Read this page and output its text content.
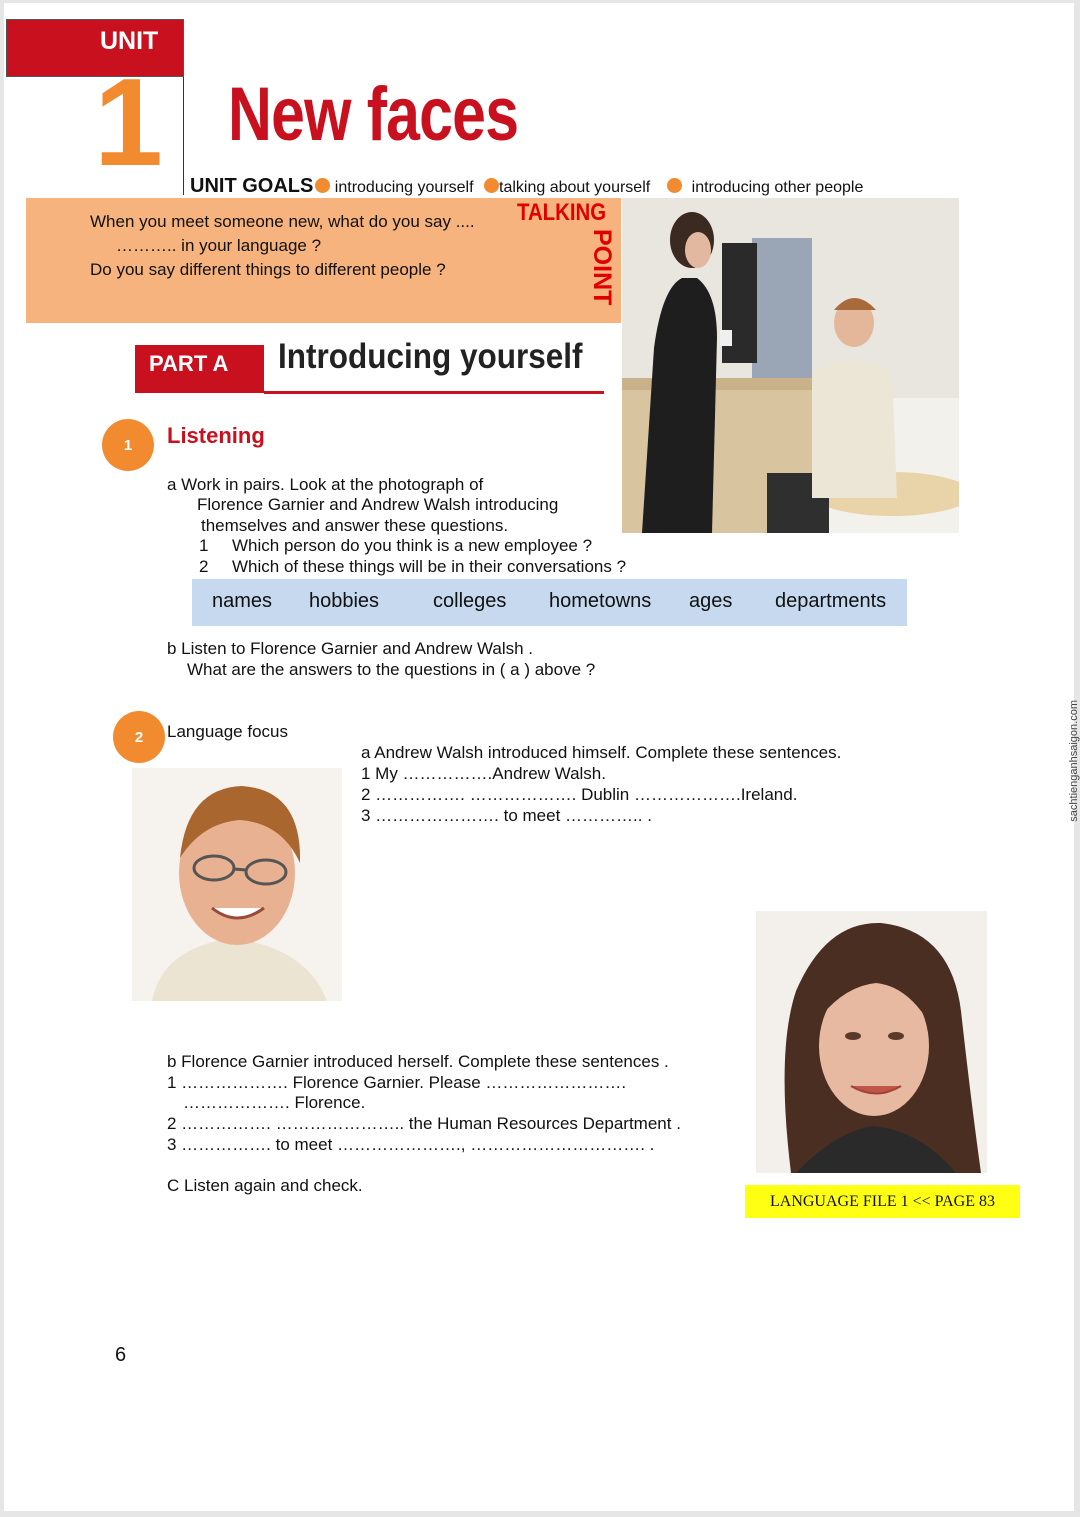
UNIT
1 New faces
UNIT GOALS introducing yourself talking about yourself	introducing other people
When you meet someone new, what do you say ....
……….. in your language ?
Do you say different things to different people ?
TALKING
POINT
PART A Introducing yourself
1	Listening
a Work in pairs. Look at the photograph of
Florence Garnier and Andrew Walsh introducing
themselves and answer these questions.
1 Which person do you think is a new employee ?
2 Which of these things will be in their conversations ?
names hobbies	colleges hometowns ages departments
b Listen to Florence Garnier and Andrew Walsh .
What are the answers to the questions in ( a ) above ?
2	Language focus
a Andrew Walsh introduced himself. Complete these sentences.
1 My …………….Andrew Walsh.
2 ……………. ………………. Dublin ……………….Ireland.
3 …………………. to meet ………….. .
b Florence Garnier introduced herself. Complete these sentences .
1 ………………. Florence Garnier. Please …………………….
………………. Florence.
2 ……………. ………………….. the Human Resources Department .
3 ……………. to meet …………………., …………………………. .
C Listen again and check.
LANGUAGE FILE 1 << PAGE 83
6
sachtienganhsaigon.com
